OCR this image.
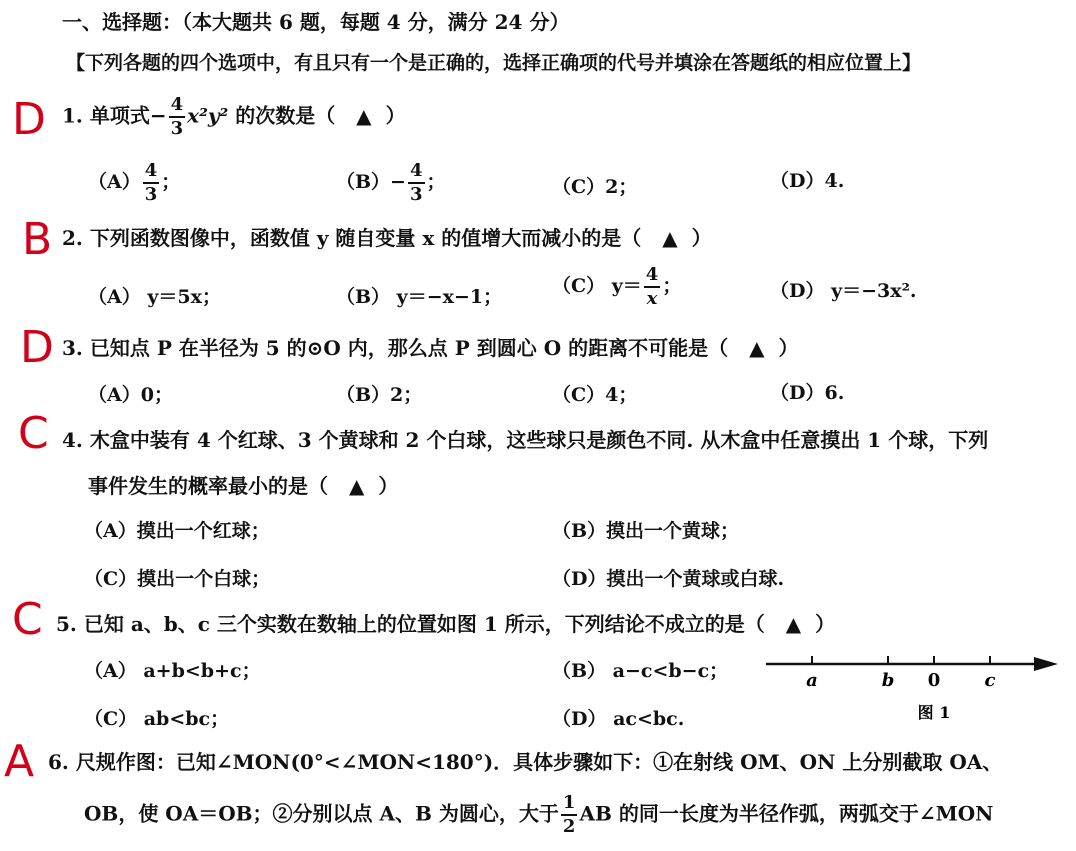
一、选择题：（本大题共 6 题，每题 4 分，满分 24 分）
【下列各题的四个选项中，有且只有一个是正确的，选择正确项的代号并填涂在答题纸的相应位置上】
D
B
D
C
C
A
1. 单项式− $\frac{4}{3} x^2y^2$ 的次数是（ ▲ ）
$(A) \frac{4}{3}$ ；	$(B)- \frac{4}{3}$ ；	（C）2；	（D）4.
2. 下列函数图像中，函数值 y 随自变量 x 的值增大而减小的是（ ▲ ）
（A） y＝5x；	（B） y＝−x−1；	（C） $y= \frac{4}{x}$ ；	（D） y＝−3x².
3. 已知点 P 在半径为 5 的⊙O 内，那么点 P 到圆心 O 的距离不可能是（ ▲ ）
（A）0；	（B）2；	（C）4；	（D）6.
4. 木盒中装有 4 个红球、3 个黄球和 2 个白球，这些球只是颜色不同. 从木盒中任意摸出 1 个球，下列
事件发生的概率最小的是（ ▲ ）
（A）摸出一个红球；	（B）摸出一个黄球；
（C）摸出一个白球；	（D）摸出一个黄球或白球.
5. 已知 a、b、c 三个实数在数轴上的位置如图 1 所示，下列结论不成立的是（ ▲ ）
（A） a+b<b+c；	（B） a−c<b−c；
（C） ab<bc；	（D） ac<bc.
a	b 0 c
图 1
6. 尺规作图：已知∠MON(0°<∠MON<180°)．具体步骤如下：①在射线 OM、ON 上分别截取 OA、
OB，使 OA＝OB；②分别以点 A、B 为圆心，大于 $\frac{1}{2}$ AB 的同一长度为半径作弧，两弧交于∠MON
